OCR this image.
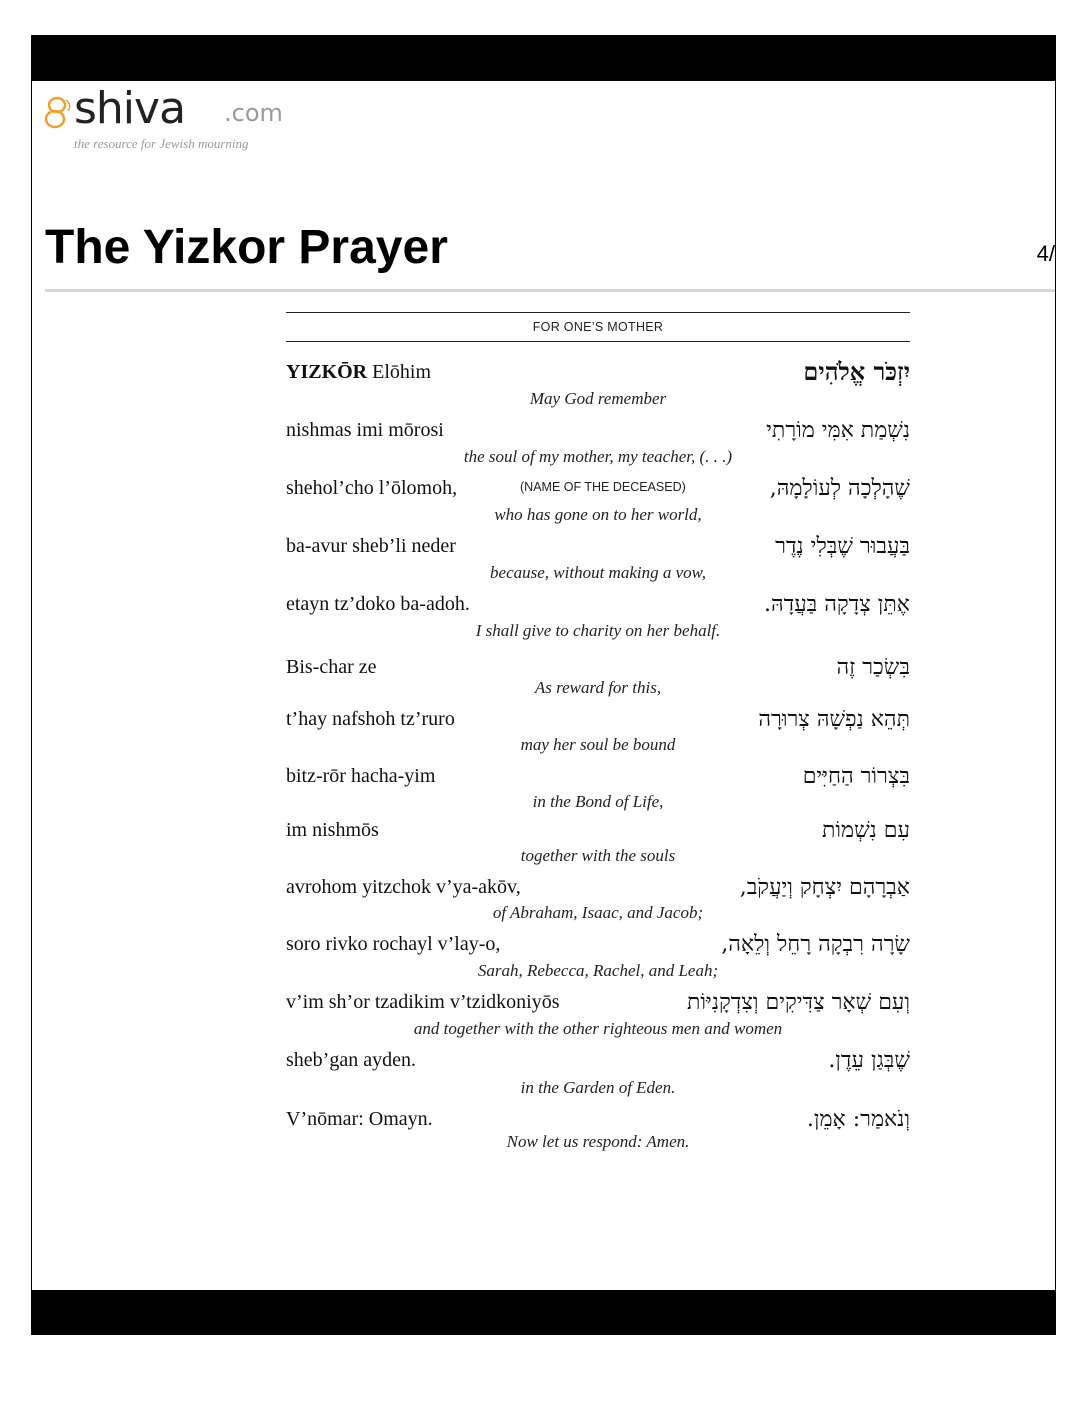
shiva .com
the resource for Jewish mourning
The Yizkor Prayer	4/
FOR ONE’S MOTHER
YIZKŌR Elōhim	יִזְכֹּר אֱלֹהִים
May God remember
nishmas imi mōrosi	נִשְׁמַת אִמִּי מוֹרָתִי
the soul of my mother, my teacher, (. . .)
shehol’cho l’ōlomoh,	(NAME OF THE DECEASED)	שֶׁהָלְכָה לְעוֹלָמָהּ,
who has gone on to her world,
ba-avur sheb’li neder	בַּעֲבוּר שֶׁבְּלִי נֶדֶר
because, without making a vow,
etayn tz’doko ba-adoh.	אֶתֵּן צְדָקָה בַּעֲדָהּ.
I shall give to charity on her behalf.
Bis-char ze	בִּשְׂכַר זֶה
As reward for this,
t’hay nafshoh tz’ruro	תְּהֵא נַפְשָׁהּ צְרוּרָה
may her soul be bound
bitz-rōr hacha-yim	בִּצְרוֹר הַחַיִּים
in the Bond of Life,
im nishmōs	עִם נִשְׁמוֹת
together with the souls
avrohom yitzchok v’ya-akōv,	אַבְרָהָם יִצְחָק וְיַעֲקֹב,
of Abraham, Isaac, and Jacob;
soro rivko rochayl v’lay-o,	שָׂרָה רִבְקָה רָחֵל וְלֵאָה,
Sarah, Rebecca, Rachel, and Leah;
v’im sh’or tzadikim v’tzidkoniyōs	וְעִם שְׁאָר צַדִּיקִים וְצִדְקָנִיּוֹת
and together with the other righteous men and women
sheb’gan ayden.	שֶׁבְּגַן עֵדֶן.
in the Garden of Eden.
V’nōmar: Omayn.	וְנֹאמַר: אָמֵן.
Now let us respond: Amen.
